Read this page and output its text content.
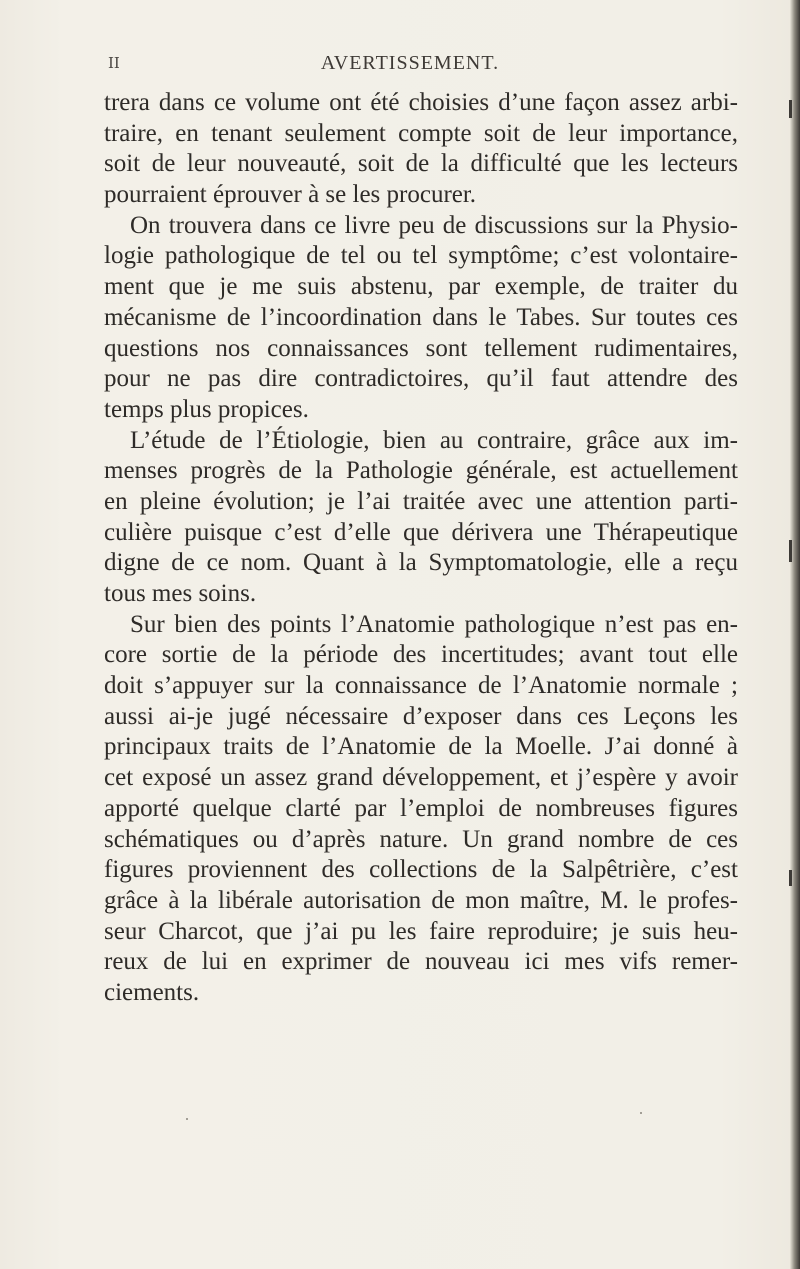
II	AVERTISSEMENT.
trera dans ce volume ont été choisies d’une façon assez arbi-
traire, en tenant seulement compte soit de leur importance,
soit de leur nouveauté, soit de la difficulté que les lecteurs
pourraient éprouver à se les procurer.
On trouvera dans ce livre peu de discussions sur la Physio-
logie pathologique de tel ou tel symptôme; c’est volontaire-
ment que je me suis abstenu, par exemple, de traiter du
mécanisme de l’incoordination dans le Tabes. Sur toutes ces
questions nos connaissances sont tellement rudimentaires,
pour ne pas dire contradictoires, qu’il faut attendre des
temps plus propices.
L’étude de l’Étiologie, bien au contraire, grâce aux im-
menses progrès de la Pathologie générale, est actuellement
en pleine évolution; je l’ai traitée avec une attention parti-
culière puisque c’est d’elle que dérivera une Thérapeutique
digne de ce nom. Quant à la Symptomatologie, elle a reçu
tous mes soins.
Sur bien des points l’Anatomie pathologique n’est pas en-
core sortie de la période des incertitudes; avant tout elle
doit s’appuyer sur la connaissance de l’Anatomie normale ;
aussi ai-je jugé nécessaire d’exposer dans ces Leçons les
principaux traits de l’Anatomie de la Moelle. J’ai donné à
cet exposé un assez grand développement, et j’espère y avoir
apporté quelque clarté par l’emploi de nombreuses figures
schématiques ou d’après nature. Un grand nombre de ces
figures proviennent des collections de la Salpêtrière, c’est
grâce à la libérale autorisation de mon maître, M. le profes-
seur Charcot, que j’ai pu les faire reproduire; je suis heu-
reux de lui en exprimer de nouveau ici mes vifs remer-
ciements.
